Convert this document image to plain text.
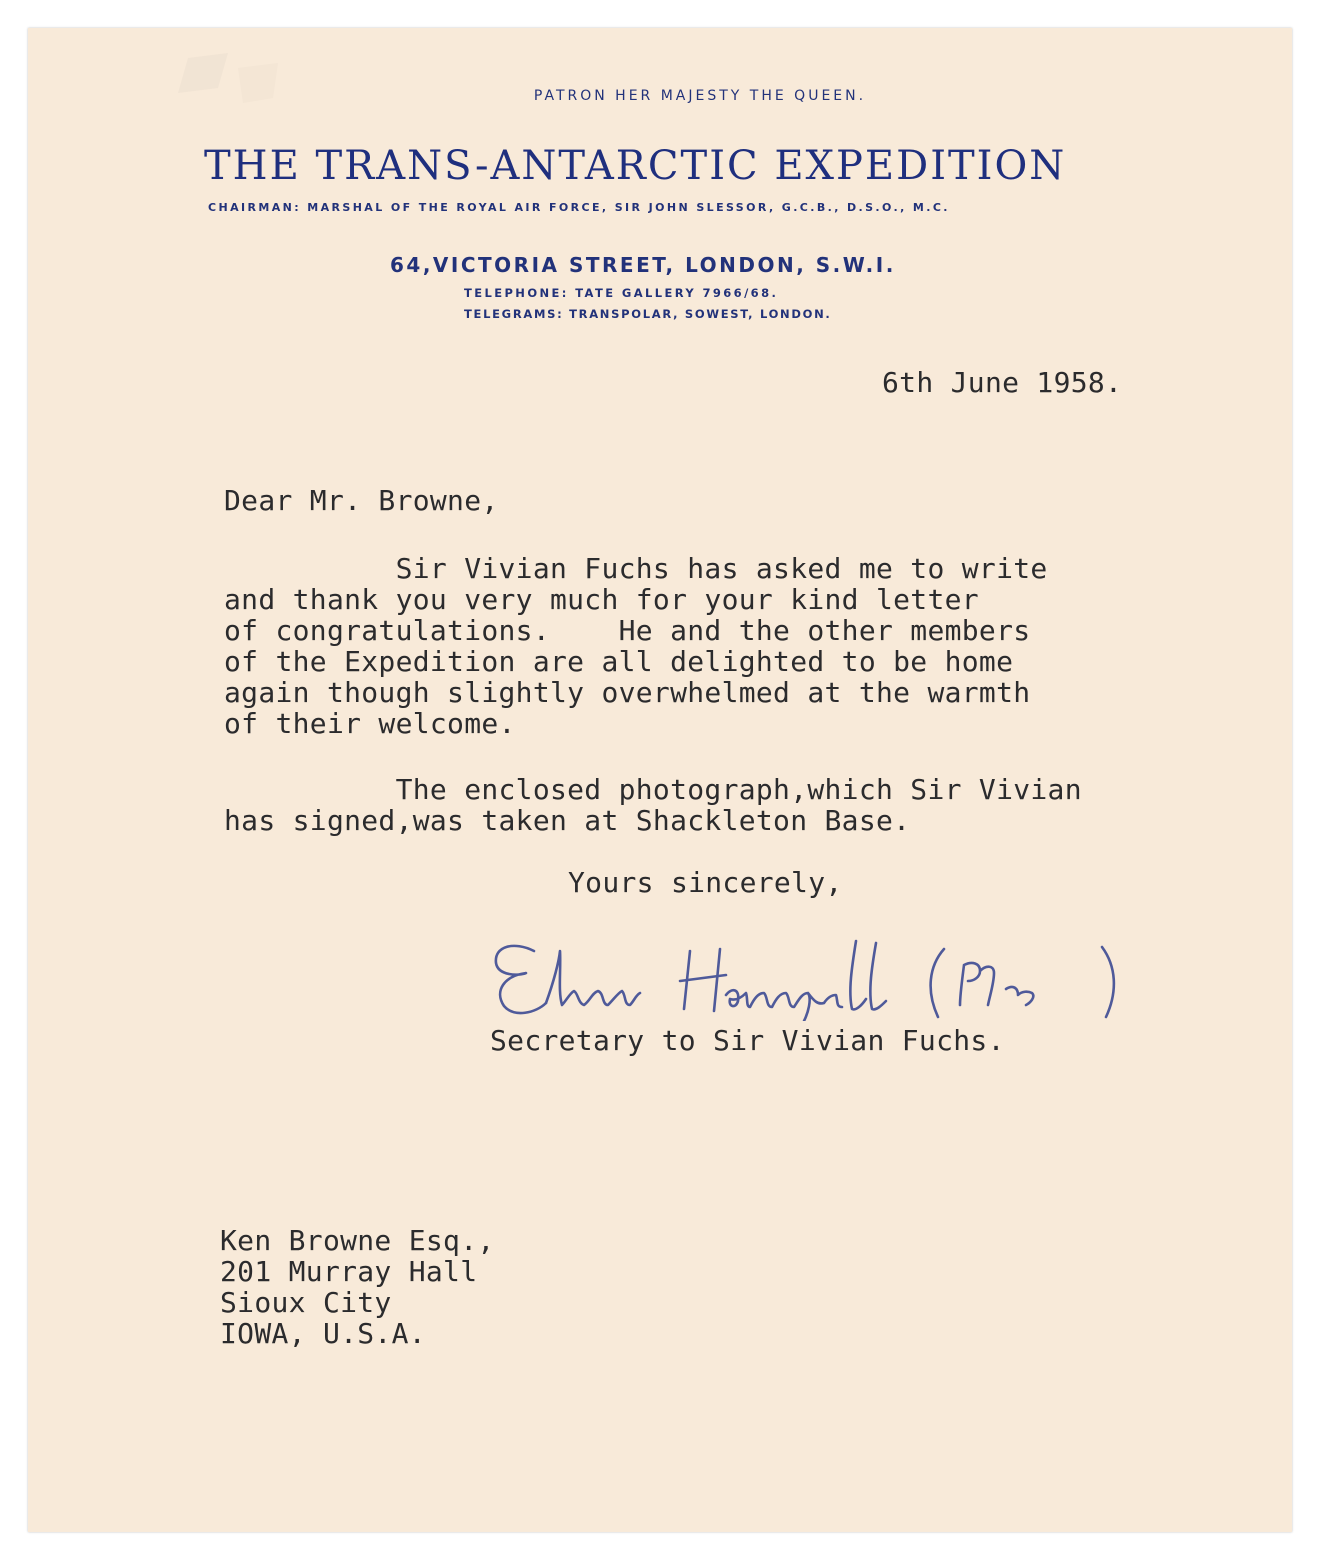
PATRON HER MAJESTY THE QUEEN.
THE TRANS-ANTARCTIC EXPEDITION
CHAIRMAN: MARSHAL OF THE ROYAL AIR FORCE, SIR JOHN SLESSOR, G.C.B., D.S.O., M.C.
64,VICTORIA STREET, LONDON, S.W.I.
TELEPHONE: TATE GALLERY 7966/68.
TELEGRAMS: TRANSPOLAR, SOWEST, LONDON.
6th June 1958.
Dear Mr. Browne,
Sir Vivian Fuchs has asked me to write
and thank you very much for your kind letter
of congratulations.    He and the other members
of the Expedition are all delighted to be home
again though slightly overwhelmed at the warmth
of their welcome.
The enclosed photograph,which Sir Vivian
has signed,was taken at Shackleton Base.
Yours sincerely,
Secretary to Sir Vivian Fuchs.
Ken Browne Esq.,
201 Murray Hall
Sioux City
IOWA, U.S.A.
